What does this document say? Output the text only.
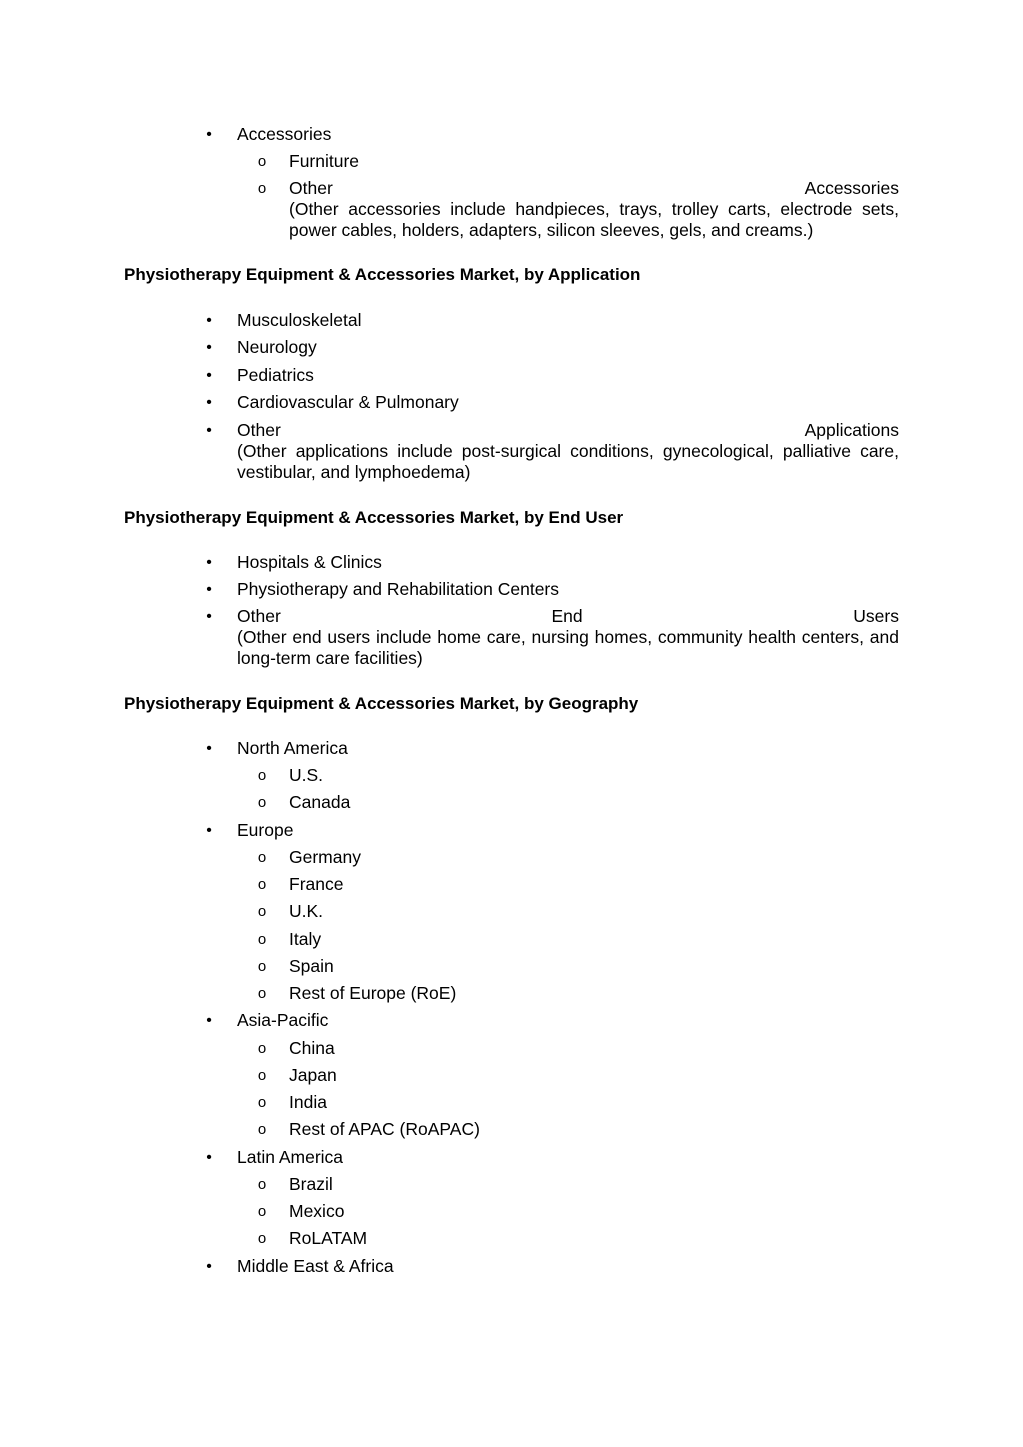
•	Accessories
o	Furniture
o	Other	Accessories
(Other accessories include handpieces, trays, trolley carts, electrode sets,
power cables, holders, adapters, silicon sleeves, gels, and creams.)
Physiotherapy Equipment & Accessories Market, by Application
•	Musculoskeletal
•	Neurology
•	Pediatrics
•	Cardiovascular & Pulmonary
•	Other	Applications
(Other applications include post-surgical conditions, gynecological, palliative care,
vestibular, and lymphoedema)
Physiotherapy Equipment & Accessories Market, by End User
•	Hospitals & Clinics
•	Physiotherapy and Rehabilitation Centers
•	Other	End	Users
(Other end users include home care, nursing homes, community health centers, and
long-term care facilities)
Physiotherapy Equipment & Accessories Market, by Geography
•	North America
o	U.S.
o	Canada
•	Europe
o	Germany
o	France
o	U.K.
o	Italy
o	Spain
o	Rest of Europe (RoE)
•	Asia-Pacific
o	China
o	Japan
o	India
o	Rest of APAC (RoAPAC)
•	Latin America
o	Brazil
o	Mexico
o	RoLATAM
•	Middle East & Africa
